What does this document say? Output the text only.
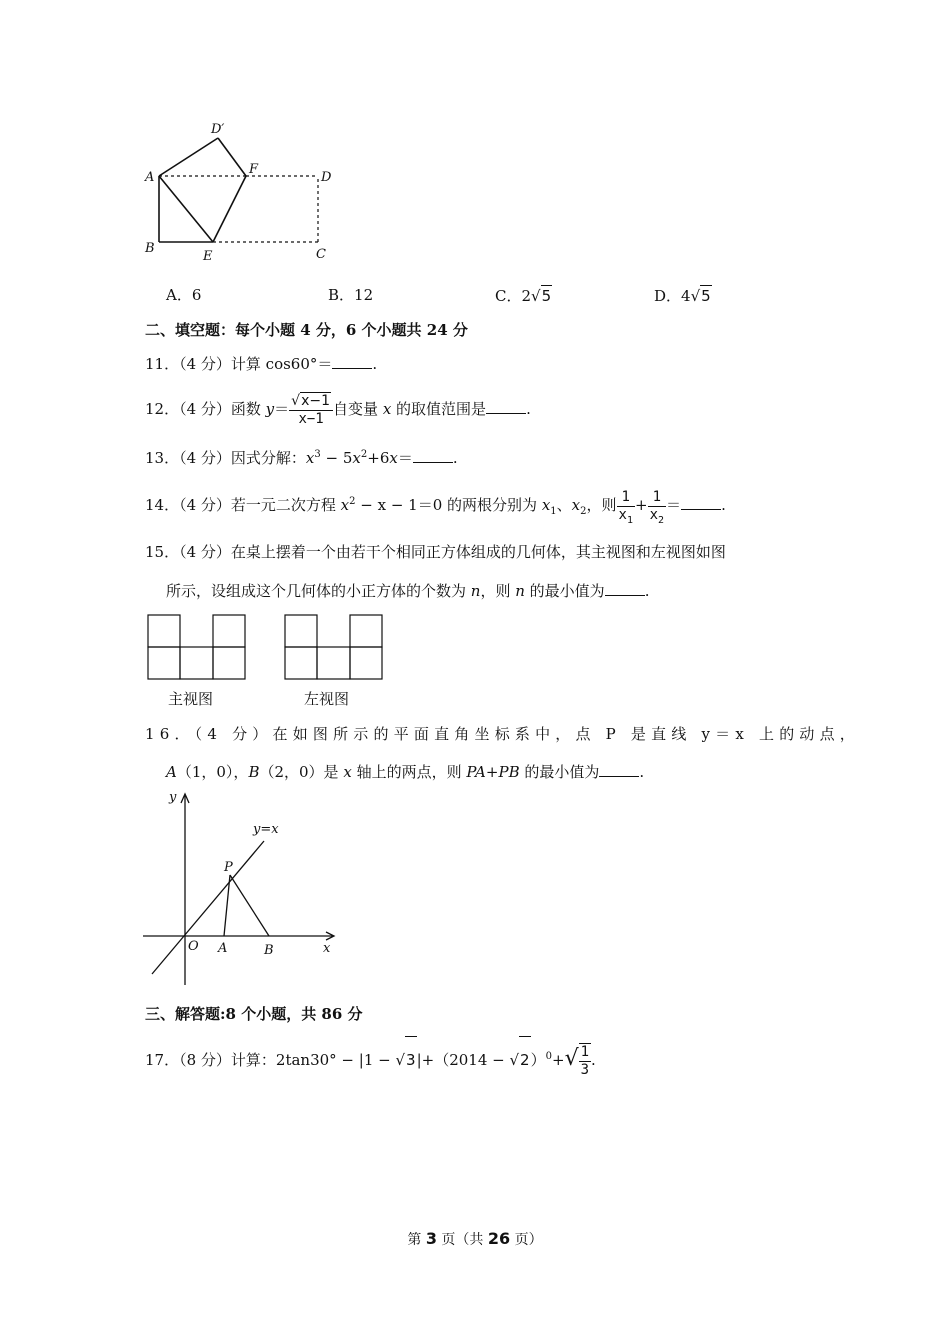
D′
A
F
D
B
E	C
A．6	B．12	C．2√5	D．4√5
二、填空题：每个小题 4 分，6 个小题共 24 分
11．（4 分）计算 cos60°＝	.
12．（4 分）函数 $y= \frac{√x-1}{x-1}$ 自变量 x 的取值范围是	.
13．（4 分）因式分解：$x^3 - 5x^2+6x=$	.
14．（4 分）若一元二次方程 $x^2 - x - 1=0$ 的两根分别为 $x_1$、$x_2$，则 $\frac{1}{x_1} + \frac{1}{x_2}$ ＝	.
15．（4 分）在桌上摆着一个由若干个相同正方体组成的几何体，其主视图和左视图如图
所示，设组成这个几何体的小正方体的个数为 n，则 n 的最小值为	.
主视图	左视图
16．（4 分）在如图所示的平面直角坐标系中，点 P 是直线 y＝x 上的动点，
A（1，0），B（2，0）是 x 轴上的两点，则 PA+PB 的最小值为	.
y
y=x
P
O A	B	x
三、解答题:8 个小题，共 86 分
17．（8 分）计算：$2\tan 30^\circ - |1 - √3|+(2014 - √2)^0+√ \frac{1}{3}$ .
第 3 页（共 26 页）
